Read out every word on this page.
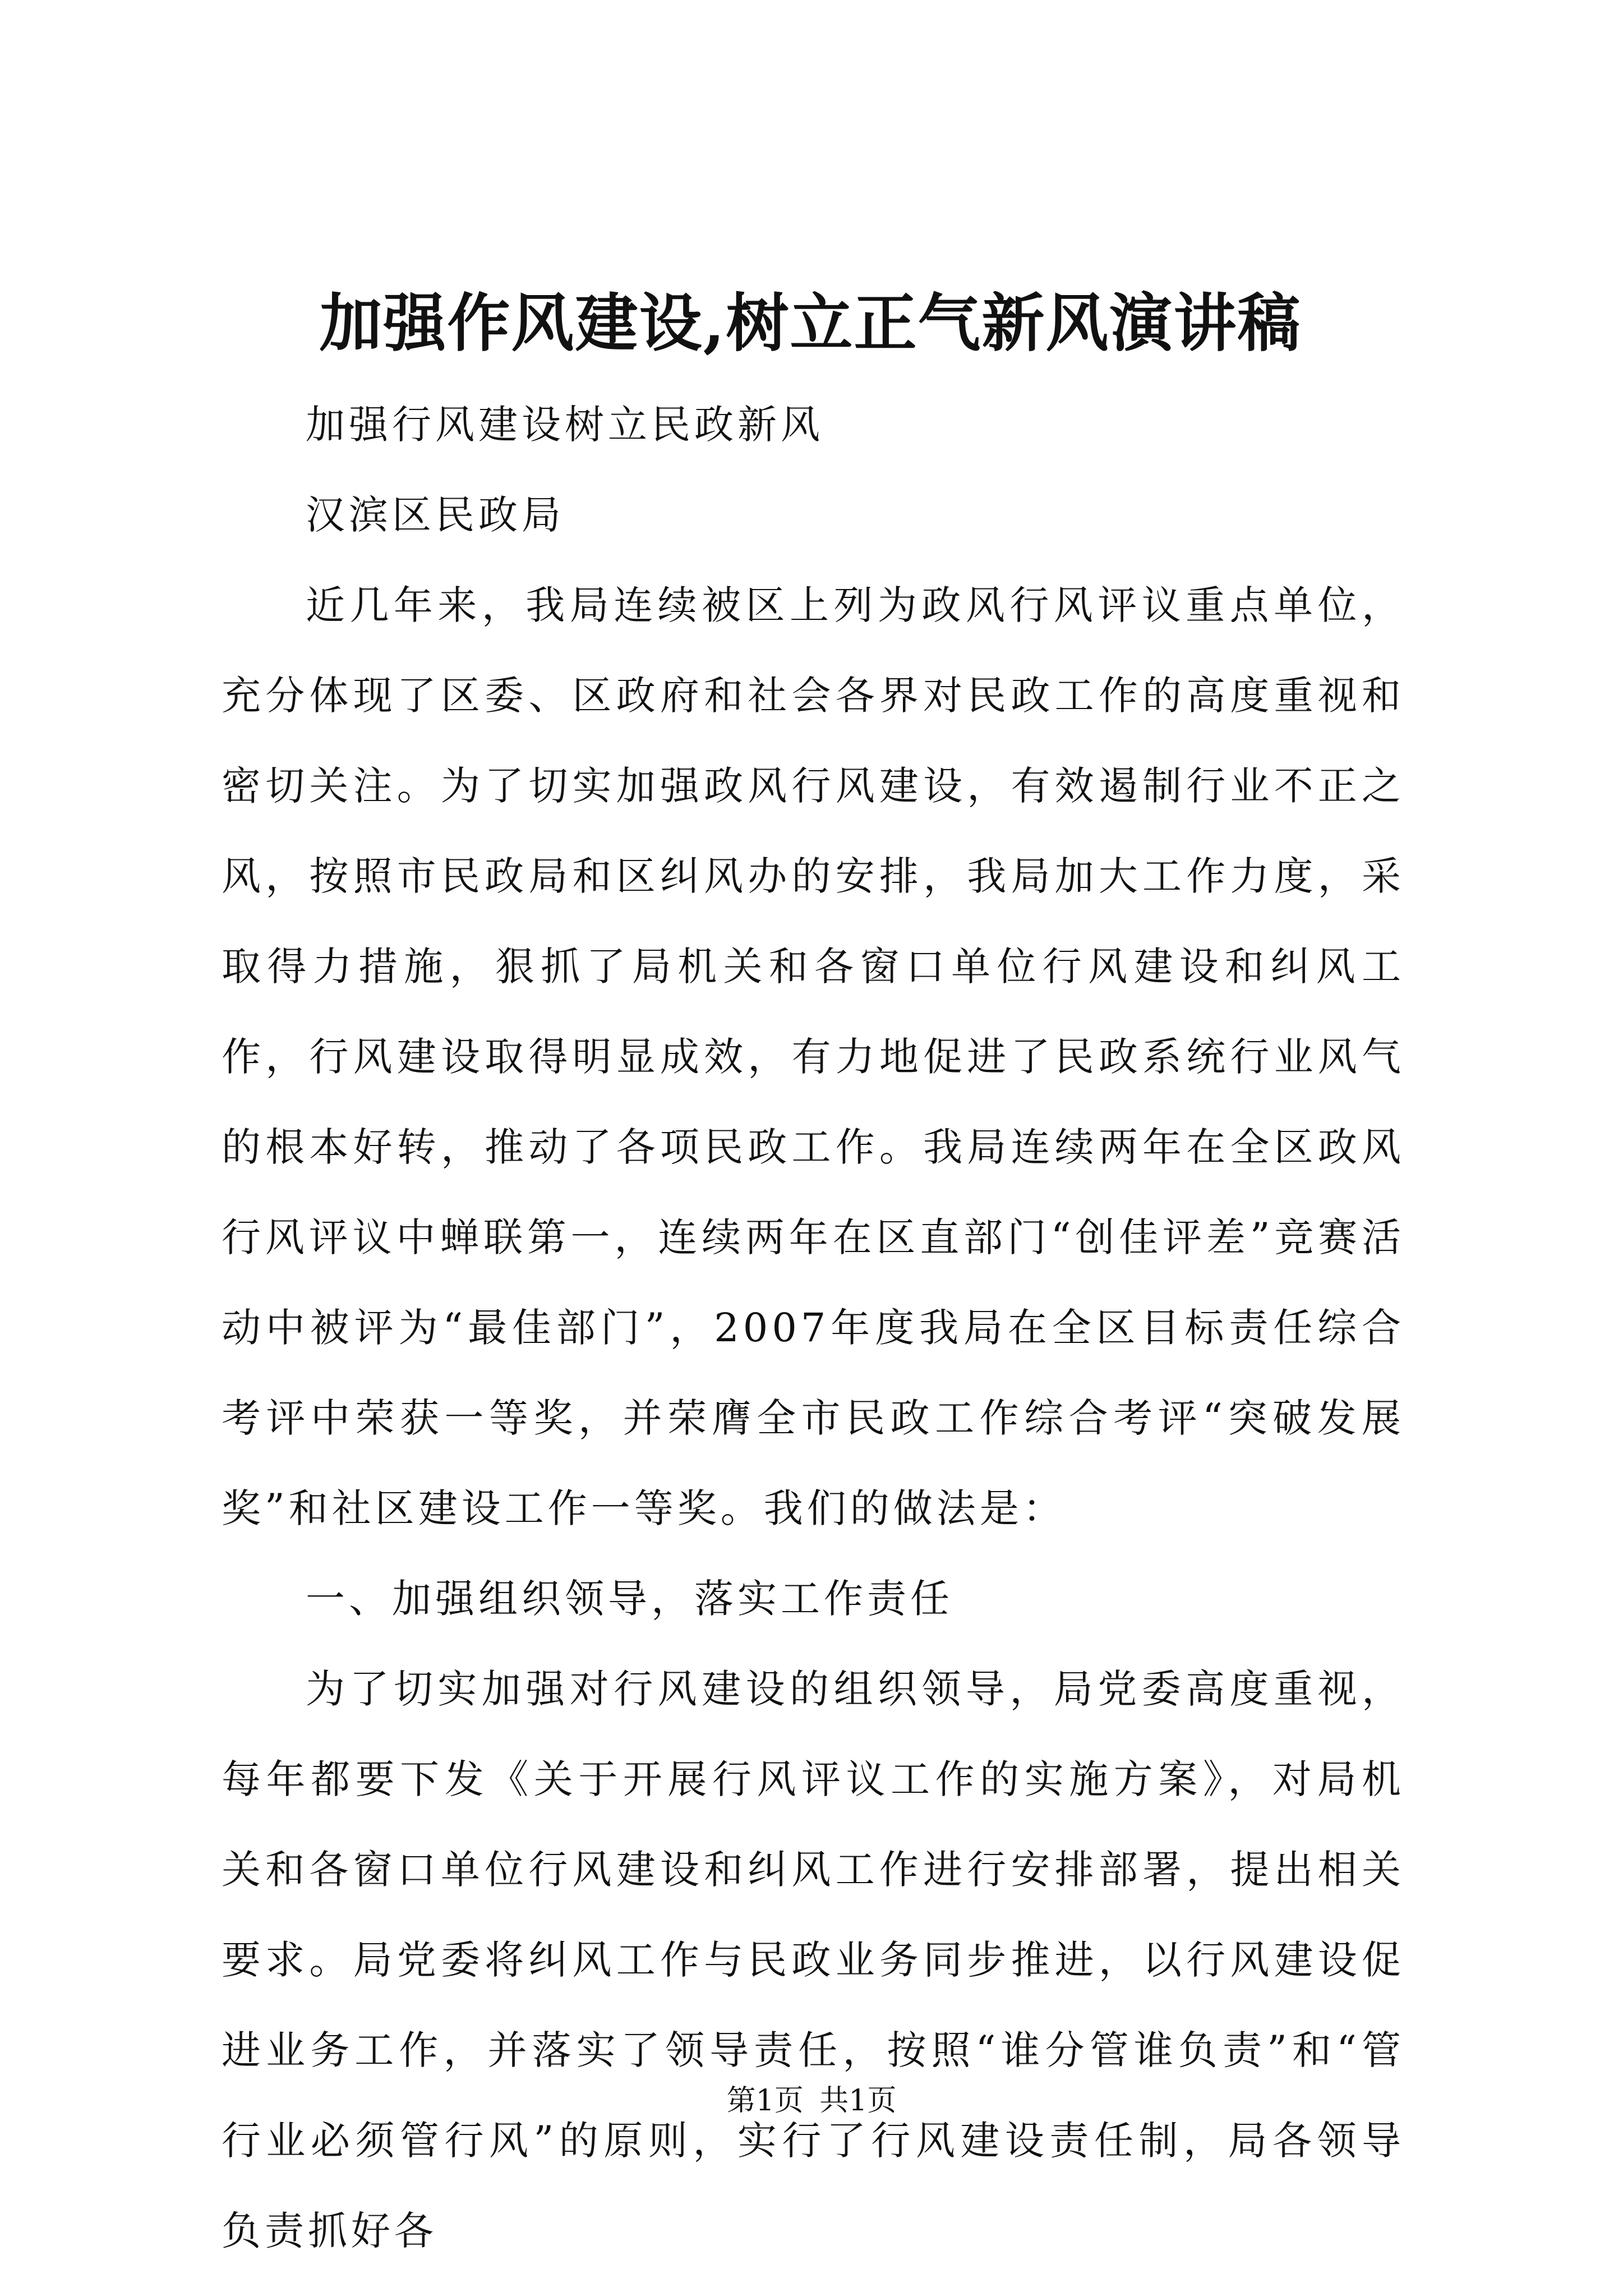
加强作风建设,树立正气新风演讲稿

加强行风建设树立民政新风

汉滨区民政局

近几年来，我局连续被区上列为政风行风评议重点单位，充分体现了区委、区政府和社会各界对民政工作的高度重视和密切关注。为了切实加强政风行风建设，有效遏制行业不正之风，按照市民政局和区纠风办的安排，我局加大工作力度，采取得力措施，狠抓了局机关和各窗口单位行风建设和纠风工作，行风建设取得明显成效，有力地促进了民政系统行业风气的根本好转，推动了各项民政工作。我局连续两年在全区政风行风评议中蝉联第一，连续两年在区直部门“创佳评差”竞赛活动中被评为“最佳部门”，2007年度我局在全区目标责任综合考评中荣获一等奖，并荣膺全市民政工作综合考评“突破发展奖”和社区建设工作一等奖。我们的做法是：

一、加强组织领导，落实工作责任

为了切实加强对行风建设的组织领导，局党委高度重视，每年都要下发《关于开展行风评议工作的实施方案》，对局机关和各窗口单位行风建设和纠风工作进行安排部署，提出相关要求。局党委将纠风工作与民政业务同步推进，以行风建设促进业务工作，并落实了领导责任，按照“谁分管谁负责”和“管行业必须管行风”的原则，实行了行风建设责任制，局各领导负责抓好各

第1页 共1页
